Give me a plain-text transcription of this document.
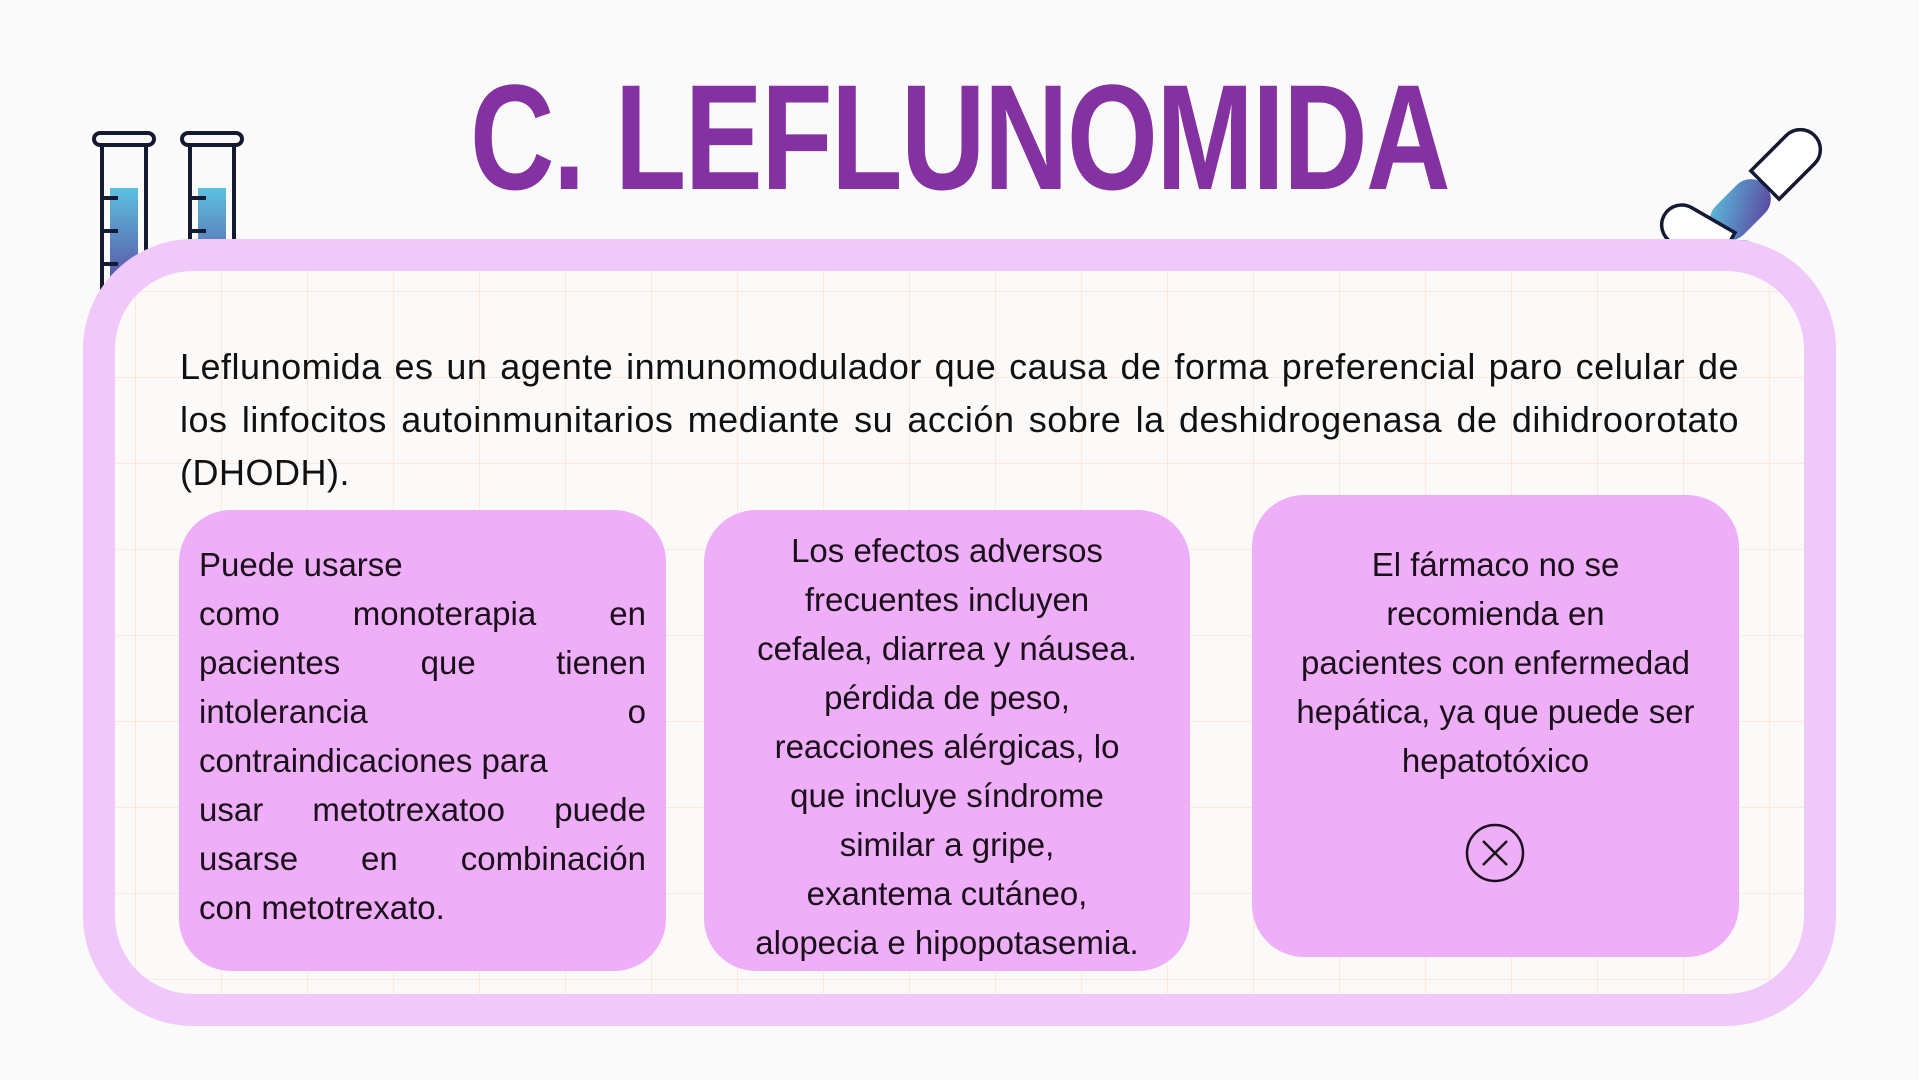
C. LEFLUNOMIDA
Leflunomida es un agente inmunomodulador que causa de forma preferencial paro celular de los linfocitos autoinmunitarios mediante su acción sobre la deshidrogenasa de dihidroorotato (DHODH).
Puede usarse
como monoterapia en
pacientes que tienen
intolerancia o
contraindicaciones para
usar metotrexatoo puede
usarse en combinación
con metotrexato.
Los efectos adversos
frecuentes incluyen
cefalea, diarrea y náusea.
pérdida de peso,
reacciones alérgicas, lo
que incluye síndrome
similar a gripe,
exantema cutáneo,
alopecia e hipopotasemia.
El fármaco no se
recomienda en
pacientes con enfermedad
hepática, ya que puede ser
hepatotóxico
